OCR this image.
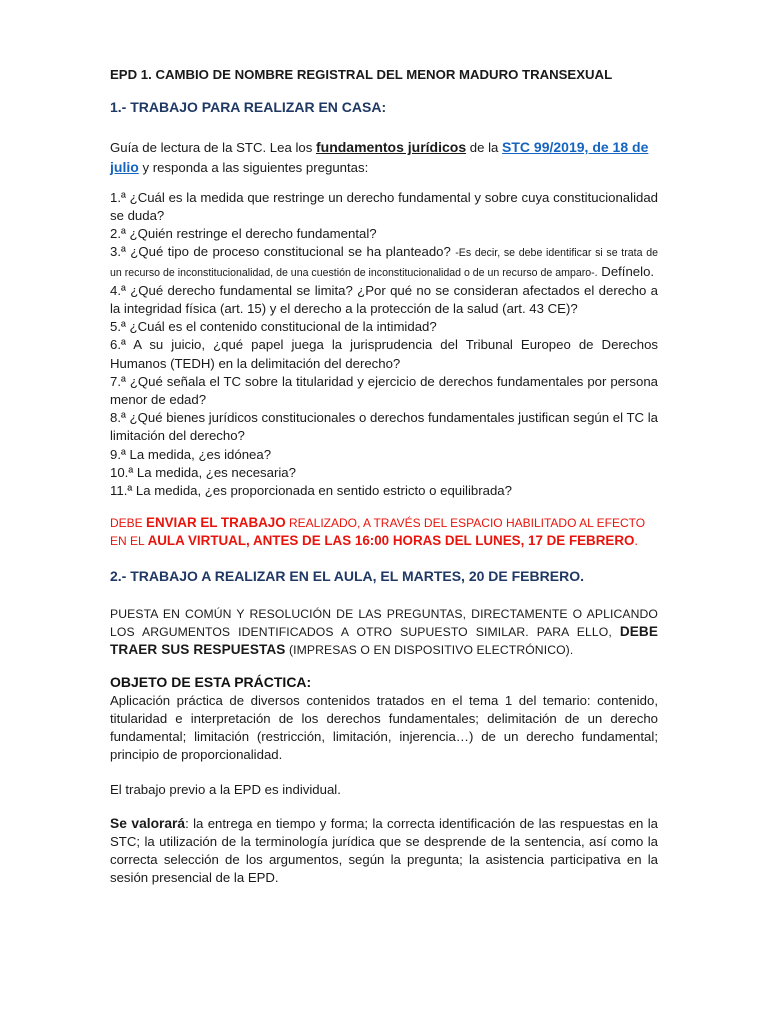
EPD 1. CAMBIO DE NOMBRE REGISTRAL DEL MENOR MADURO TRANSEXUAL

1.- TRABAJO PARA REALIZAR EN CASA:

Guía de lectura de la STC. Lea los fundamentos jurídicos de la STC 99/2019, de 18 de julio y responda a las siguientes preguntas:

1.ª ¿Cuál es la medida que restringe un derecho fundamental y sobre cuya constitucionalidad se duda?

2.ª ¿Quién restringe el derecho fundamental?

3.ª ¿Qué tipo de proceso constitucional se ha planteado? -Es decir, se debe identificar si se trata de un recurso de inconstitucionalidad, de una cuestión de inconstitucionalidad o de un recurso de amparo-. Defínelo.

4.ª ¿Qué derecho fundamental se limita? ¿Por qué no se consideran afectados el derecho a la integridad física (art. 15) y el derecho a la protección de la salud (art. 43 CE)?

5.ª ¿Cuál es el contenido constitucional de la intimidad?

6.ª A su juicio, ¿qué papel juega la jurisprudencia del Tribunal Europeo de Derechos Humanos (TEDH) en la delimitación del derecho?

7.ª ¿Qué señala el TC sobre la titularidad y ejercicio de derechos fundamentales por persona menor de edad?

8.ª ¿Qué bienes jurídicos constitucionales o derechos fundamentales justifican según el TC la limitación del derecho?

9.ª La medida, ¿es idónea?

10.ª La medida, ¿es necesaria?

11.ª La medida, ¿es proporcionada en sentido estricto o equilibrada?

DEBE ENVIAR EL TRABAJO REALIZADO, A TRAVÉS DEL ESPACIO HABILITADO AL EFECTO EN EL AULA VIRTUAL, ANTES DE LAS 16:00 HORAS DEL LUNES, 17 DE FEBRERO.

2.- TRABAJO A REALIZAR EN EL AULA, EL MARTES, 20 DE FEBRERO.

PUESTA EN COMÚN Y RESOLUCIÓN DE LAS PREGUNTAS, DIRECTAMENTE O APLICANDO LOS ARGUMENTOS IDENTIFICADOS A OTRO SUPUESTO SIMILAR. PARA ELLO, DEBE TRAER SUS RESPUESTAS (IMPRESAS O EN DISPOSITIVO ELECTRÓNICO).

OBJETO DE ESTA PRÁCTICA:

Aplicación práctica de diversos contenidos tratados en el tema 1 del temario: contenido, titularidad e interpretación de los derechos fundamentales; delimitación de un derecho fundamental; limitación (restricción, limitación, injerencia…) de un derecho fundamental; principio de proporcionalidad.

El trabajo previo a la EPD es individual.

Se valorará: la entrega en tiempo y forma; la correcta identificación de las respuestas en la STC; la utilización de la terminología jurídica que se desprende de la sentencia, así como la correcta selección de los argumentos, según la pregunta; la asistencia participativa en la sesión presencial de la EPD.
